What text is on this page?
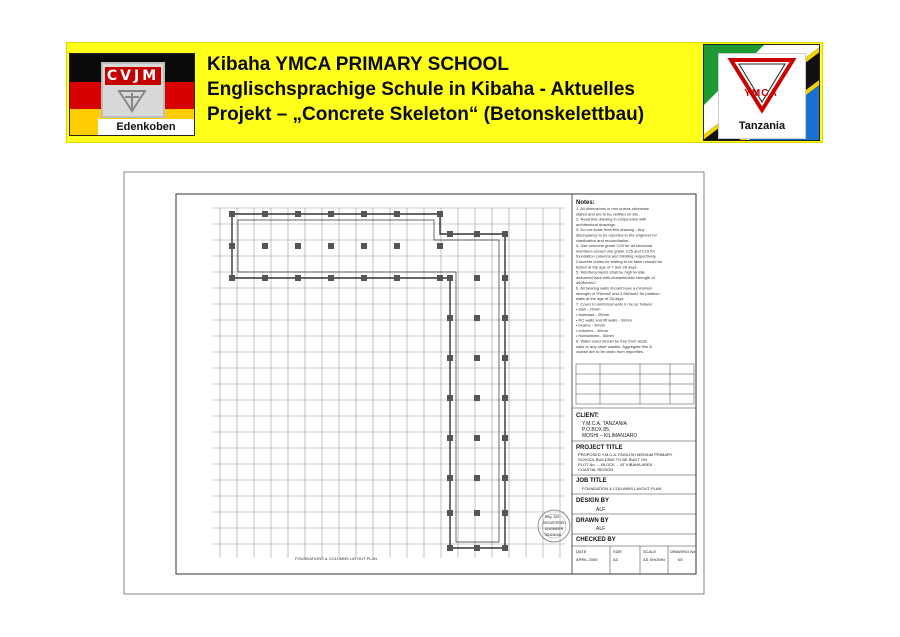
CVJM
Edenkoben
Kibaha YMCA PRIMARY SCHOOL
Englischsprachige Schule in Kibaha - Aktuelles
Projekt – „Concrete Skeleton“ (Betonskelettbau)
YMCA
Tanzania
FOUNDATIONS & COLUMNS LAYOUT PLAN
Notes:
1. All dimensions in mm unless otherwise
stated and are to be verified on site.
2. Read this drawing in conjunction with
architectural drawings.
3. Do not scale from this drawing - Any
discrepancy to be reported to the engineer for
clarification and reconciliation.
4. Use concrete grade C20 for all structural
members except use grade C25 and C15 for
foundation columns and blinding respectively.
Concrete cubes for testing to be taken should be
tested at the age of 7 and 28 days.
5. Reinforcements shall be high tensile
deformed bars with characteristic strength of
460N/mm2.
6. All bearing walls should have a minimum
strength of 7N/mm2 and 3.5N/mm2 for partition
walls at the age of 28 days.
7. Cover to reinforcements to be as follows:
• slab - 25mm
• staircase - 25mm
• RC walls and lift walls - 30mm
• beams - 30mm
• columns - 40mm
• foundations - 50mm
8. Water used should be free from acids,
salts or any other wastes. Aggregate fine &
coarse are to be clean from impurities.
CLIENT:
Y.M.C.A. TANZANIA
P.O.BOX 85,
MOSHI – KILIMANJARO
PROJECT TITLE
PROPOSED Y.M.C.A. ENGLISH MEDIUM PRIMARY
SCHOOL BUILDING TO BE BUILT ON
PLOT No. ... BLOCK ... AT KIBAHA AREA
COASTAL REGION
JOB TITLE
FOUNDATION & COLUMNS LAYOUT PLAN
DESIGN BY
ALF
DRAWN BY
ALF
CHECKED BY
DATE
APRIL 2009
SIZE
A3
SCALE
AS SHOWN
DRAWING No.
05
Reg. 320
REGISTERED
ENGINEER
TANZANIA
